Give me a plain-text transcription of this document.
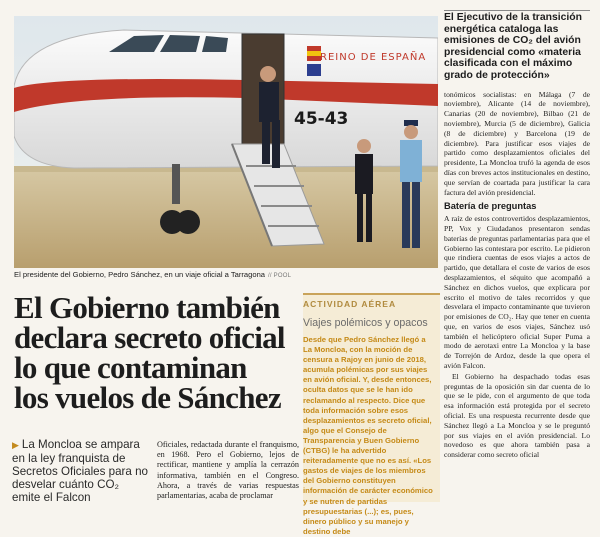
REINO DE ESPAÑA
45-43
El presidente del Gobierno, Pedro Sánchez, en un viaje oficial a Tarragona // POOL
El Gobierno también
declara secreto oficial
lo que contaminan
los vuelos de Sánchez
▶ La Moncloa se ampara en la ley franquista de Secretos Oficiales para no desvelar cuánto CO₂ emite el Falcon
Oficiales, redactada durante el franquismo, en 1968. Pero el Gobierno, lejos de rectificar, mantiene y amplía la cerrazón informativa, también en el Congreso. Ahora, a través de varias respuestas parlamentarias, acaba de proclamar
ACTIVIDAD AÉREA
Viajes polémicos y opacos
Desde que Pedro Sánchez llegó a La Moncloa, con la moción de censura a Rajoy en junio de 2018, acumula polémicas por sus viajes en avión oficial. Y, desde entonces, oculta datos que se le han ido reclamando al respecto. Dice que toda información sobre esos desplazamientos es secreto oficial, algo que el Consejo de Transparencia y Buen Gobierno (CTBG) le ha advertido reiteradamente que no es así. «Los gastos de viajes de los miembros del Gobierno constituyen información de carácter económico y se nutren de partidas presupuestarias (...); es, pues, dinero público y su manejo y destino debe
El Ejecutivo de la transición energética cataloga las emisiones de CO₂ del avión presidencial como «materia clasificada con el máximo grado de protección»
tonómicos socialistas: en Málaga (7 de noviembre), Alicante (14 de noviembre), Canarias (20 de noviembre), Bilbao (21 de noviembre), Murcia (5 de diciembre), Galicia (8 de diciembre) y Barcelona (19 de diciembre). Para justificar esos viajes de partido como desplazamientos oficiales del presidente, La Moncloa trufó la agenda de esos días con breves actos institucionales en destino, que servían de coartada para justificar la cara factura del avión presidencial.
Batería de preguntas
A raíz de estos controvertidos desplazamientos, PP, Vox y Ciudadanos presentaron sendas baterías de preguntas parlamentarias para que el Gobierno las contestara por escrito. Le pidieron que rindiera cuentas de esos viajes a actos de partido, que detallara el coste de varios de esos desplazamientos, el séquito que acompañó a Sánchez en dichos vuelos, que explicara por escrito el motivo de tales recorridos y que desvelara el impacto contaminante que tuvieron por emisiones de CO₂. Hay que tener en cuenta que, en varios de esos viajes, Sánchez usó también el helicóptero oficial Super Puma a modo de aerotaxi entre La Moncloa y la base de Torrejón de Ardoz, desde la que opera el avión Falcon.
El Gobierno ha despachado todas esas preguntas de la oposición sin dar cuenta de lo que se le pide, con el argumento de que toda esa información está protegida por el secreto oficial. Es una respuesta recurrente desde que Sánchez llegó a La Moncloa y se le preguntó por sus viajes en el avión presidencial. Lo novedoso es que ahora también pasa a considerar como secreto oficial
